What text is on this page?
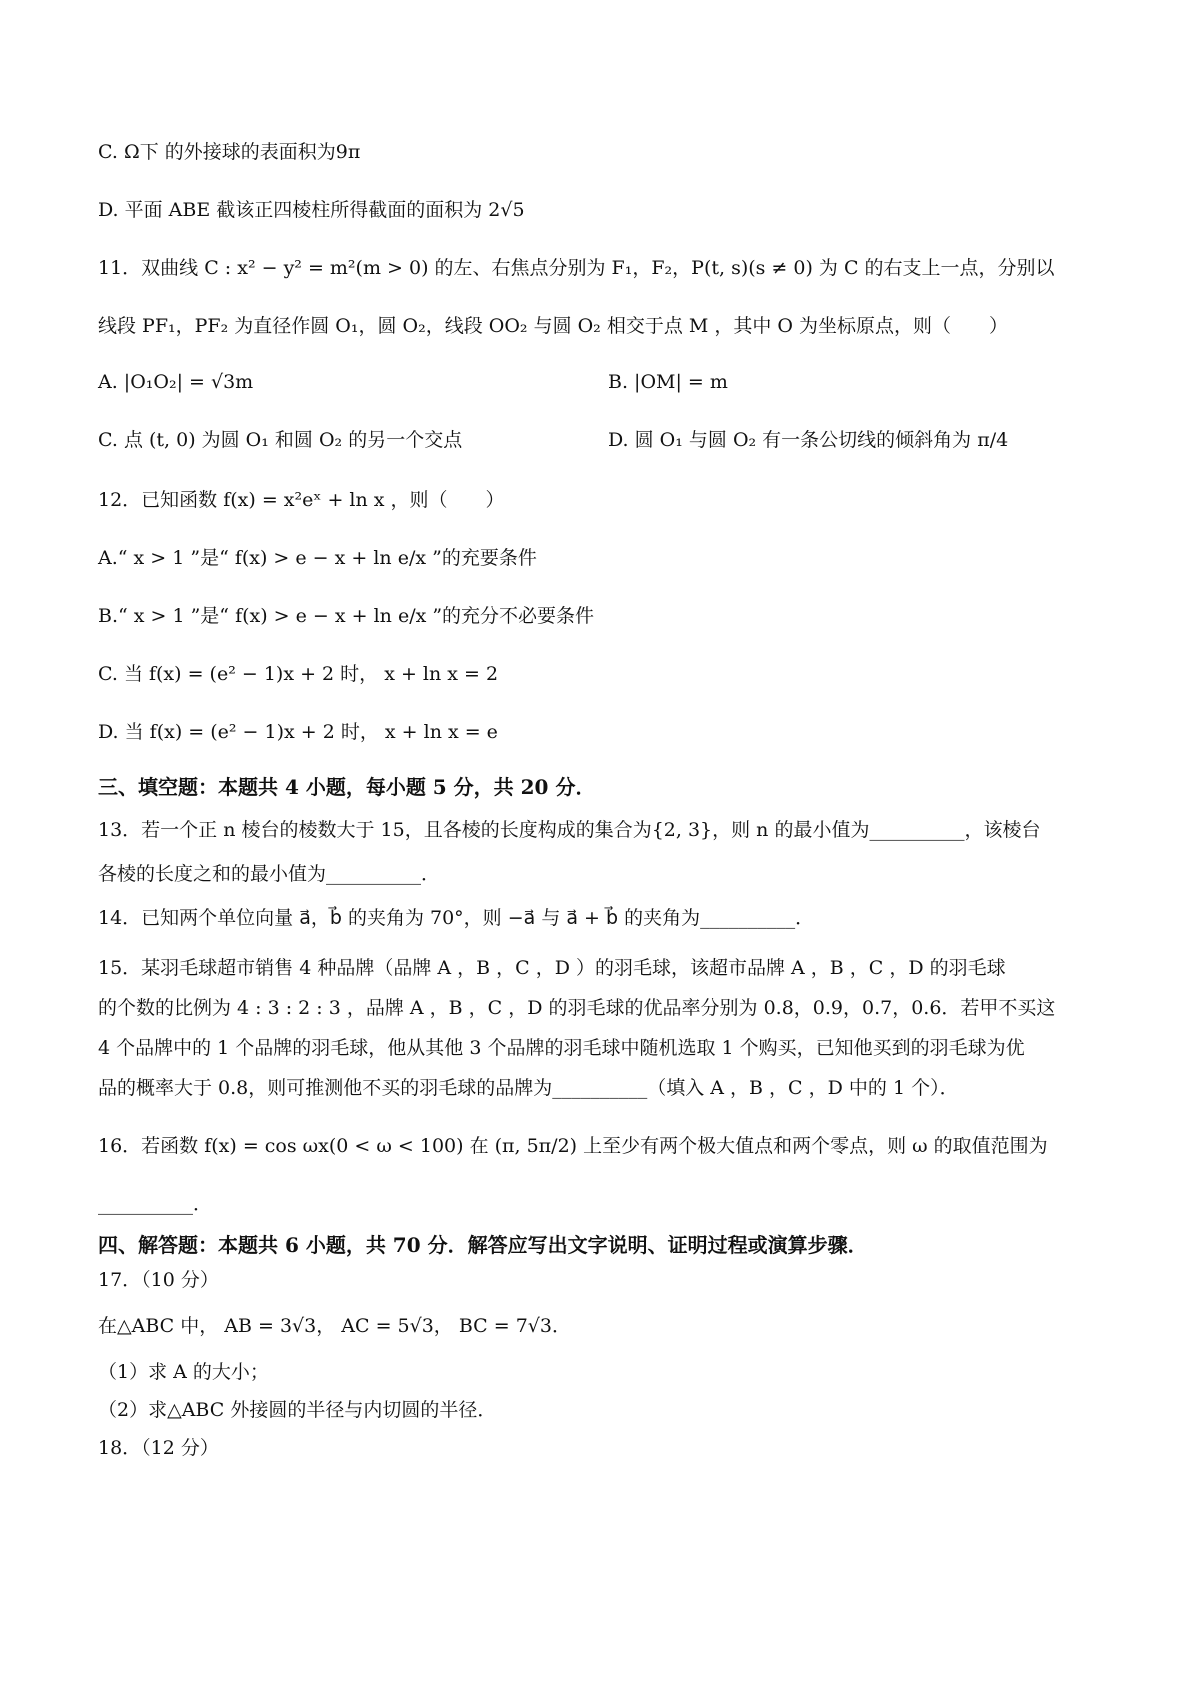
C. Ω下 的外接球的表面积为9π
D. 平面 ABE 截该正四棱柱所得截面的面积为 2√5
11．双曲线 C : x² − y² = m²(m > 0) 的左、右焦点分别为 F₁，F₂，P(t, s)(s ≠ 0) 为 C 的右支上一点，分别以
线段 PF₁，PF₂ 为直径作圆 O₁，圆 O₂，线段 OO₂ 与圆 O₂ 相交于点 M ，其中 O 为坐标原点，则（　　）
A. |O₁O₂| = √3m	B. |OM| = m
C. 点 (t, 0) 为圆 O₁ 和圆 O₂ 的另一个交点	D. 圆 O₁ 与圆 O₂ 有一条公切线的倾斜角为 π/4
12．已知函数 f(x) = x²eˣ + ln x ，则（　　）
A.“ x > 1 ”是“ f(x) > e − x + ln e/x ”的充要条件
B.“ x > 1 ”是“ f(x) > e − x + ln e/x ”的充分不必要条件
C. 当 f(x) = (e² − 1)x + 2 时， x + ln x = 2
D. 当 f(x) = (e² − 1)x + 2 时， x + ln x = e
三、填空题：本题共 4 小题，每小题 5 分，共 20 分．
13．若一个正 n 棱台的棱数大于 15，且各棱的长度构成的集合为{2, 3}，则 n 的最小值为__________，该棱台
各棱的长度之和的最小值为__________．
14．已知两个单位向量 a⃗，b⃗ 的夹角为 70°，则 −a⃗ 与 a⃗ + b⃗ 的夹角为__________．
15．某羽毛球超市销售 4 种品牌（品牌 A ，B ，C ，D ）的羽毛球，该超市品牌 A ，B ，C ，D 的羽毛球
的个数的比例为 4 : 3 : 2 : 3 ，品牌 A ，B ，C ，D 的羽毛球的优品率分别为 0.8，0.9，0.7，0.6．若甲不买这
4 个品牌中的 1 个品牌的羽毛球，他从其他 3 个品牌的羽毛球中随机选取 1 个购买，已知他买到的羽毛球为优
品的概率大于 0.8，则可推测他不买的羽毛球的品牌为__________（填入 A ，B ，C ，D 中的 1 个）．
16．若函数 f(x) = cos ωx(0 < ω < 100) 在 (π, 5π/2) 上至少有两个极大值点和两个零点，则 ω 的取值范围为
__________．
四、解答题：本题共 6 小题，共 70 分．解答应写出文字说明、证明过程或演算步骤．
17．（10 分）
在△ABC 中， AB = 3√3， AC = 5√3， BC = 7√3．
（1）求 A 的大小；
（2）求△ABC 外接圆的半径与内切圆的半径．
18．（12 分）
